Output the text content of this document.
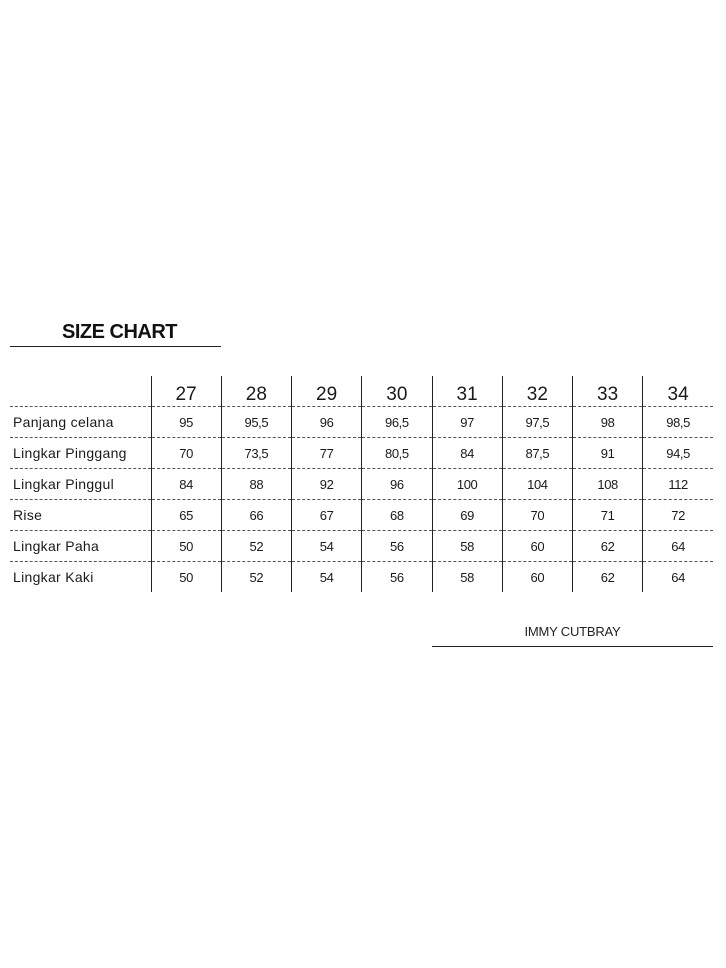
SIZE CHART
	27	28	29	30	31	32	33	34
Panjang celana	95	95,5	96	96,5	97	97,5	98	98,5
Lingkar Pinggang	70	73,5	77	80,5	84	87,5	91	94,5
Lingkar Pinggul	84	88	92	96	100	104	108	112
Rise	65	66	67	68	69	70	71	72
Lingkar Paha	50	52	54	56	58	60	62	64
Lingkar Kaki	50	52	54	56	58	60	62	64
IMMY CUTBRAY
